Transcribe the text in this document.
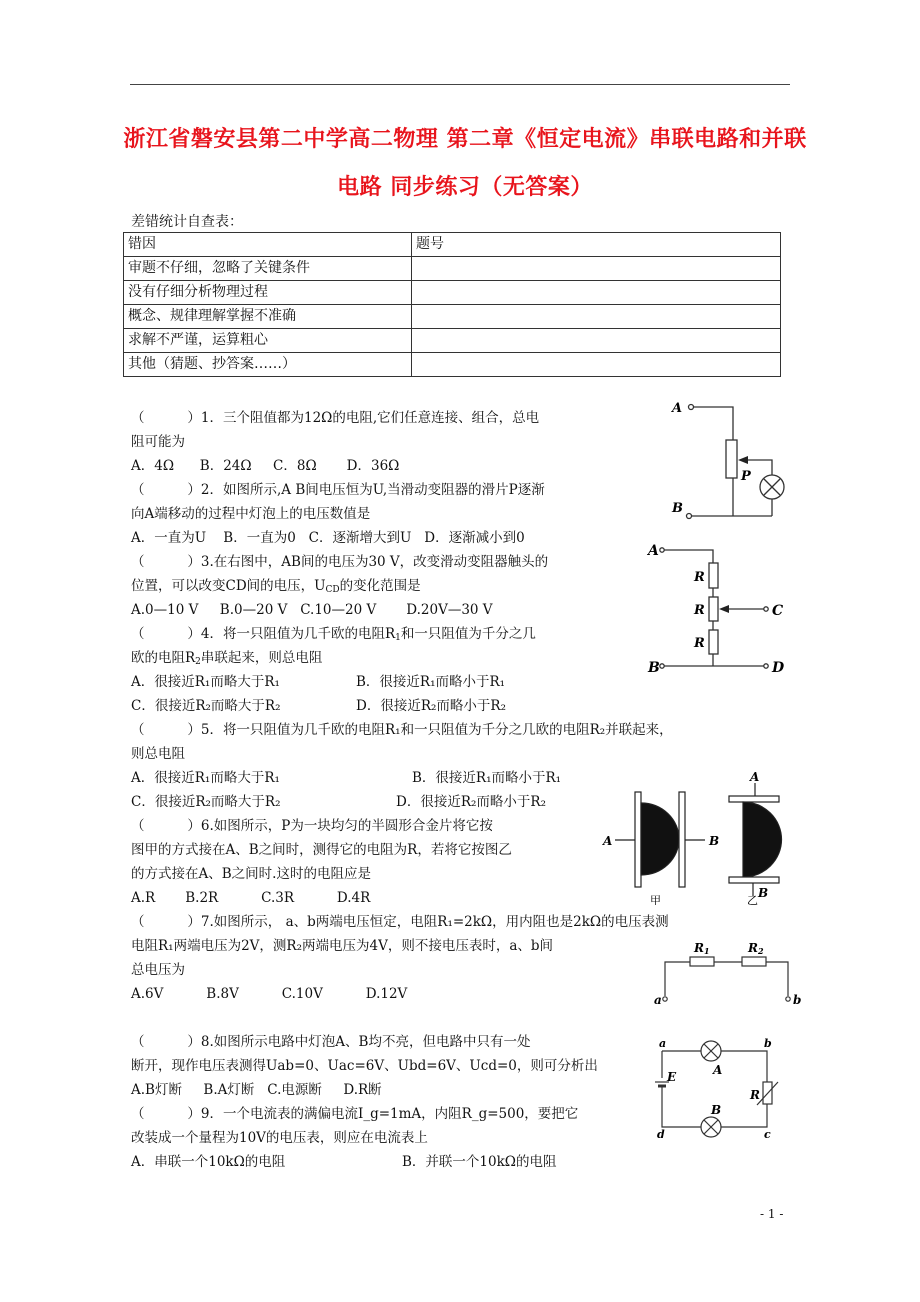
浙江省磐安县第二中学高二物理 第二章《恒定电流》串联电路和并联
电路 同步练习（无答案）
差错统计自查表：
错因	题号
审题不仔细，忽略了关键条件	
没有仔细分析物理过程	
概念、规律理解掌握不准确	
求解不严谨，运算粗心	
其他（猜题、抄答案……）	
（          ）1．三个阻值都为12Ω的电阻,它们任意连接、组合，总电
阻可能为
A．4Ω      B．24Ω     C．8Ω       D．36Ω
（          ）2．如图所示,A B间电压恒为U,当滑动变阻器的滑片P逐渐
向A端移动的过程中灯泡上的电压数值是
A．一直为U    B．一直为0   C．逐渐增大到U   D．逐渐减小到0
（          ）3.在右图中，AB间的电压为30 V，改变滑动变阻器触头的
位置，可以改变CD间的电压，$U_{CD}$的变化范围是
A.0—10 V     B.0—20 V   C.10—20 V       D.20V—30 V
（          ）4．将一只阻值为几千欧的电阻$R_1$和一只阻值为千分之几
欧的电阻$R_2$串联起来，则总电阻
A．很接近R₁而略大于R₁	B．很接近R₁而略小于R₁
C．很接近R₂而略大于R₂	D．很接近R₂而略小于R₂
（          ）5．将一只阻值为几千欧的电阻R₁和一只阻值为千分之几欧的电阻R₂并联起来，
则总电阻
A．很接近R₁而略大于R₁	B．很接近R₁而略小于R₁
C．很接近R₂而略大于R₂	D．很接近R₂而略小于R₂
（          ）6.如图所示，P为一块均匀的半圆形合金片将它按
图甲的方式接在A、B之间时，测得它的电阻为R，若将它按图乙
的方式接在A、B之间时.这时的电阻应是
A.R       B.2R          C.3R          D.4R
（          ）7.如图所示， a、b两端电压恒定，电阻R₁=2kΩ，用内阻也是2kΩ的电压表测
电阻R₁两端电压为2V，测R₂两端电压为4V，则不接电压表时，a、b间
总电压为
A.6V          B.8V          C.10V          D.12V
（          ）8.如图所示电路中灯泡A、B均不亮，但电路中只有一处
断开，现作电压表测得Uab=0、Uac=6V、Ubd=6V、Ucd=0，则可分析出
A.B灯断     B.A灯断   C.电源断     D.R断
（          ）9．一个电流表的满偏电流I_g=1mA，内阻R_g=500，要把它
改装成一个量程为10V的电压表，则应在电流表上
A．串联一个10kΩ的电阻	B．并联一个10kΩ的电阻
A
B
P
A
B
C
D
R
R
R
A	B
A
B
甲	乙
R1	R2
a	b
a	b
c
d
E	A
B
R
- 1 -
